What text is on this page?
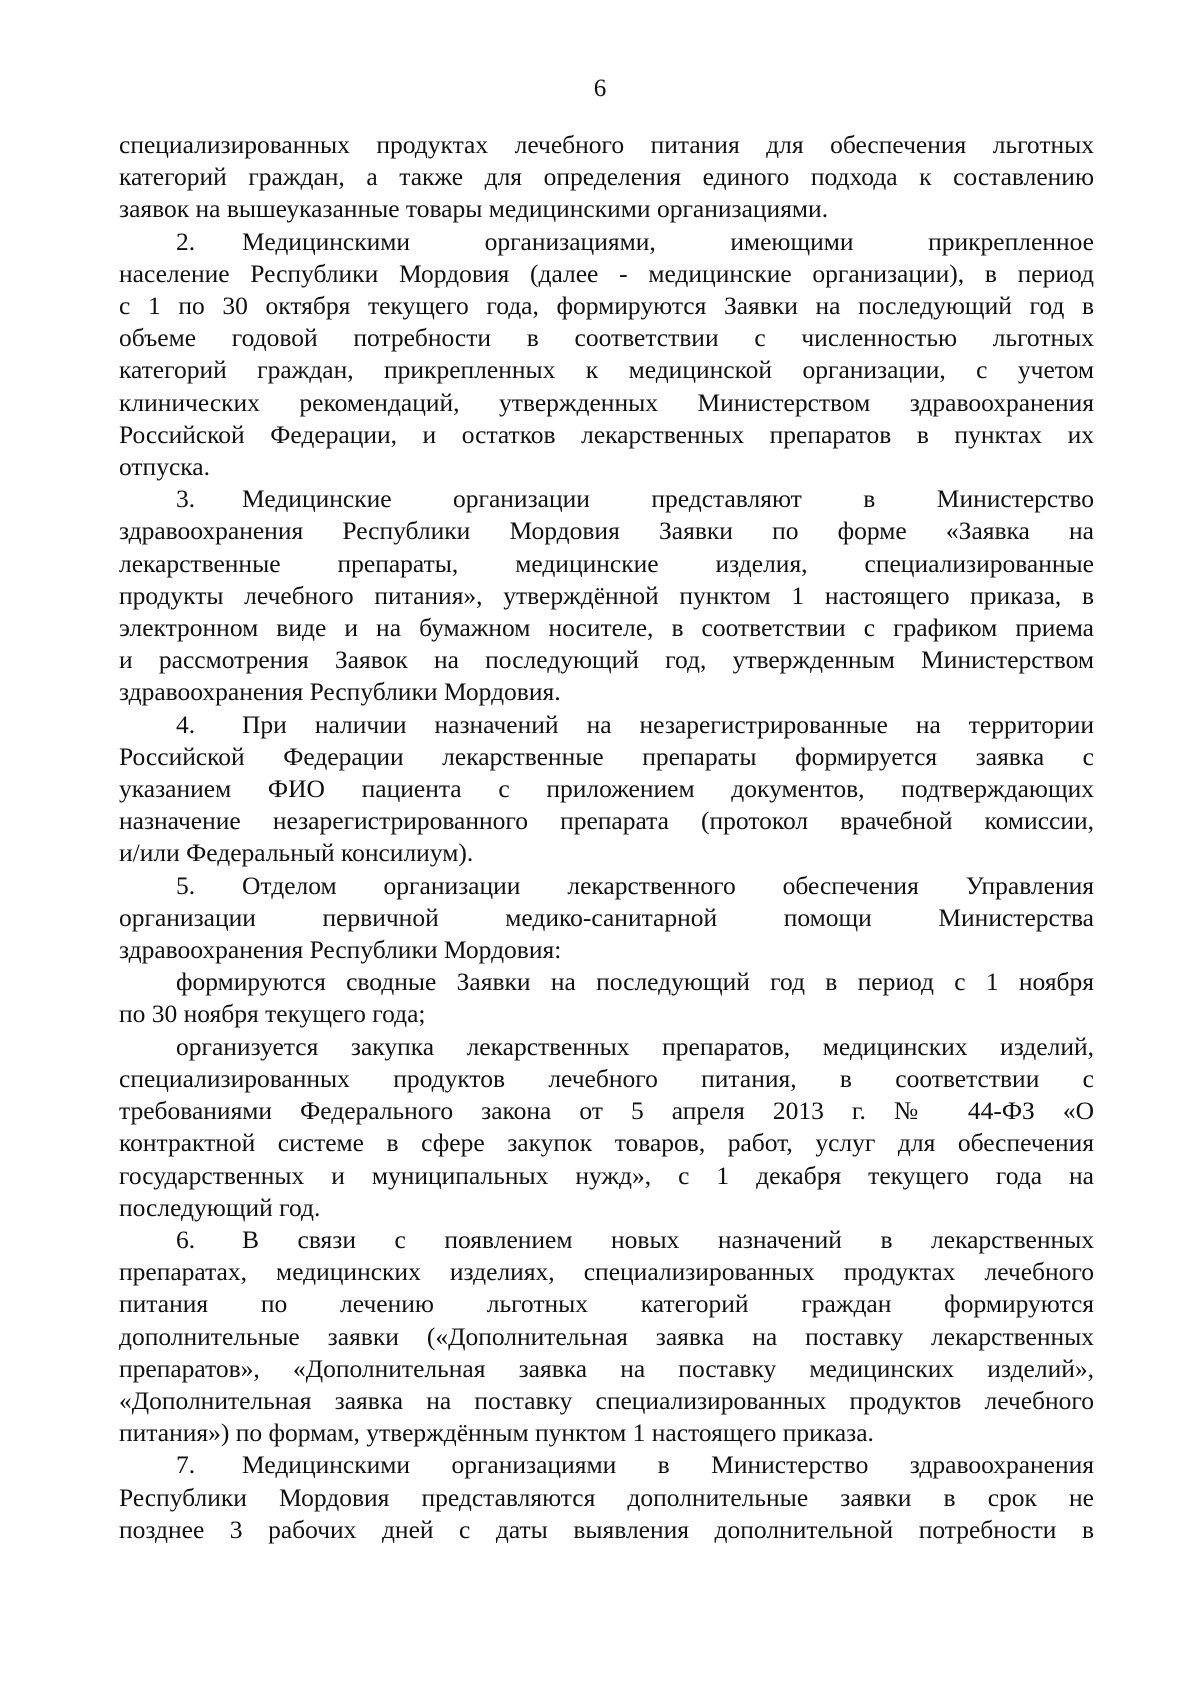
6

специализированных продуктах лечебного питания для обеспечения льготных
категорий граждан, а также для определения единого подхода к составлению
заявок на вышеуказанные товары медицинскими организациями.

2. Медицинскими организациями, имеющими прикрепленное
население Республики Мордовия (далее - медицинские организации), в период
с 1 по 30 октября текущего года, формируются Заявки на последующий год в
объеме годовой потребности в соответствии с численностью льготных
категорий граждан, прикрепленных к медицинской организации, с учетом
клинических рекомендаций, утвержденных Министерством здравоохранения
Российской Федерации, и остатков лекарственных препаратов в пунктах их
отпуска.

3. Медицинские организации представляют в Министерство
здравоохранения Республики Мордовия Заявки по форме «Заявка на
лекарственные препараты, медицинские изделия, специализированные
продукты лечебного питания», утверждённой пунктом 1 настоящего приказа, в
электронном виде и на бумажном носителе, в соответствии с графиком приема
и рассмотрения Заявок на последующий год, утвержденным Министерством
здравоохранения Республики Мордовия.

4. При наличии назначений на незарегистрированные на территории
Российской Федерации лекарственные препараты формируется заявка с
указанием ФИО пациента с приложением документов, подтверждающих
назначение незарегистрированного препарата (протокол врачебной комиссии,
и/или Федеральный консилиум).

5. Отделом организации лекарственного обеспечения Управления
организации первичной медико-санитарной помощи Министерства
здравоохранения Республики Мордовия:

формируются сводные Заявки на последующий год в период с 1 ноября
по 30 ноября текущего года;

организуется закупка лекарственных препаратов, медицинских изделий,
специализированных продуктов лечебного питания, в соответствии с
требованиями Федерального закона от 5 апреля 2013 г. № 44-ФЗ «О
контрактной системе в сфере закупок товаров, работ, услуг для обеспечения
государственных и муниципальных нужд», с 1 декабря текущего года на
последующий год.

6. В связи с появлением новых назначений в лекарственных
препаратах, медицинских изделиях, специализированных продуктах лечебного
питания по лечению льготных категорий граждан формируются
дополнительные заявки («Дополнительная заявка на поставку лекарственных
препаратов», «Дополнительная заявка на поставку медицинских изделий»,
«Дополнительная заявка на поставку специализированных продуктов лечебного
питания») по формам, утверждённым пунктом 1 настоящего приказа.

7. Медицинскими организациями в Министерство здравоохранения
Республики Мордовия представляются дополнительные заявки в срок не
позднее 3 рабочих дней с даты выявления дополнительной потребности в
